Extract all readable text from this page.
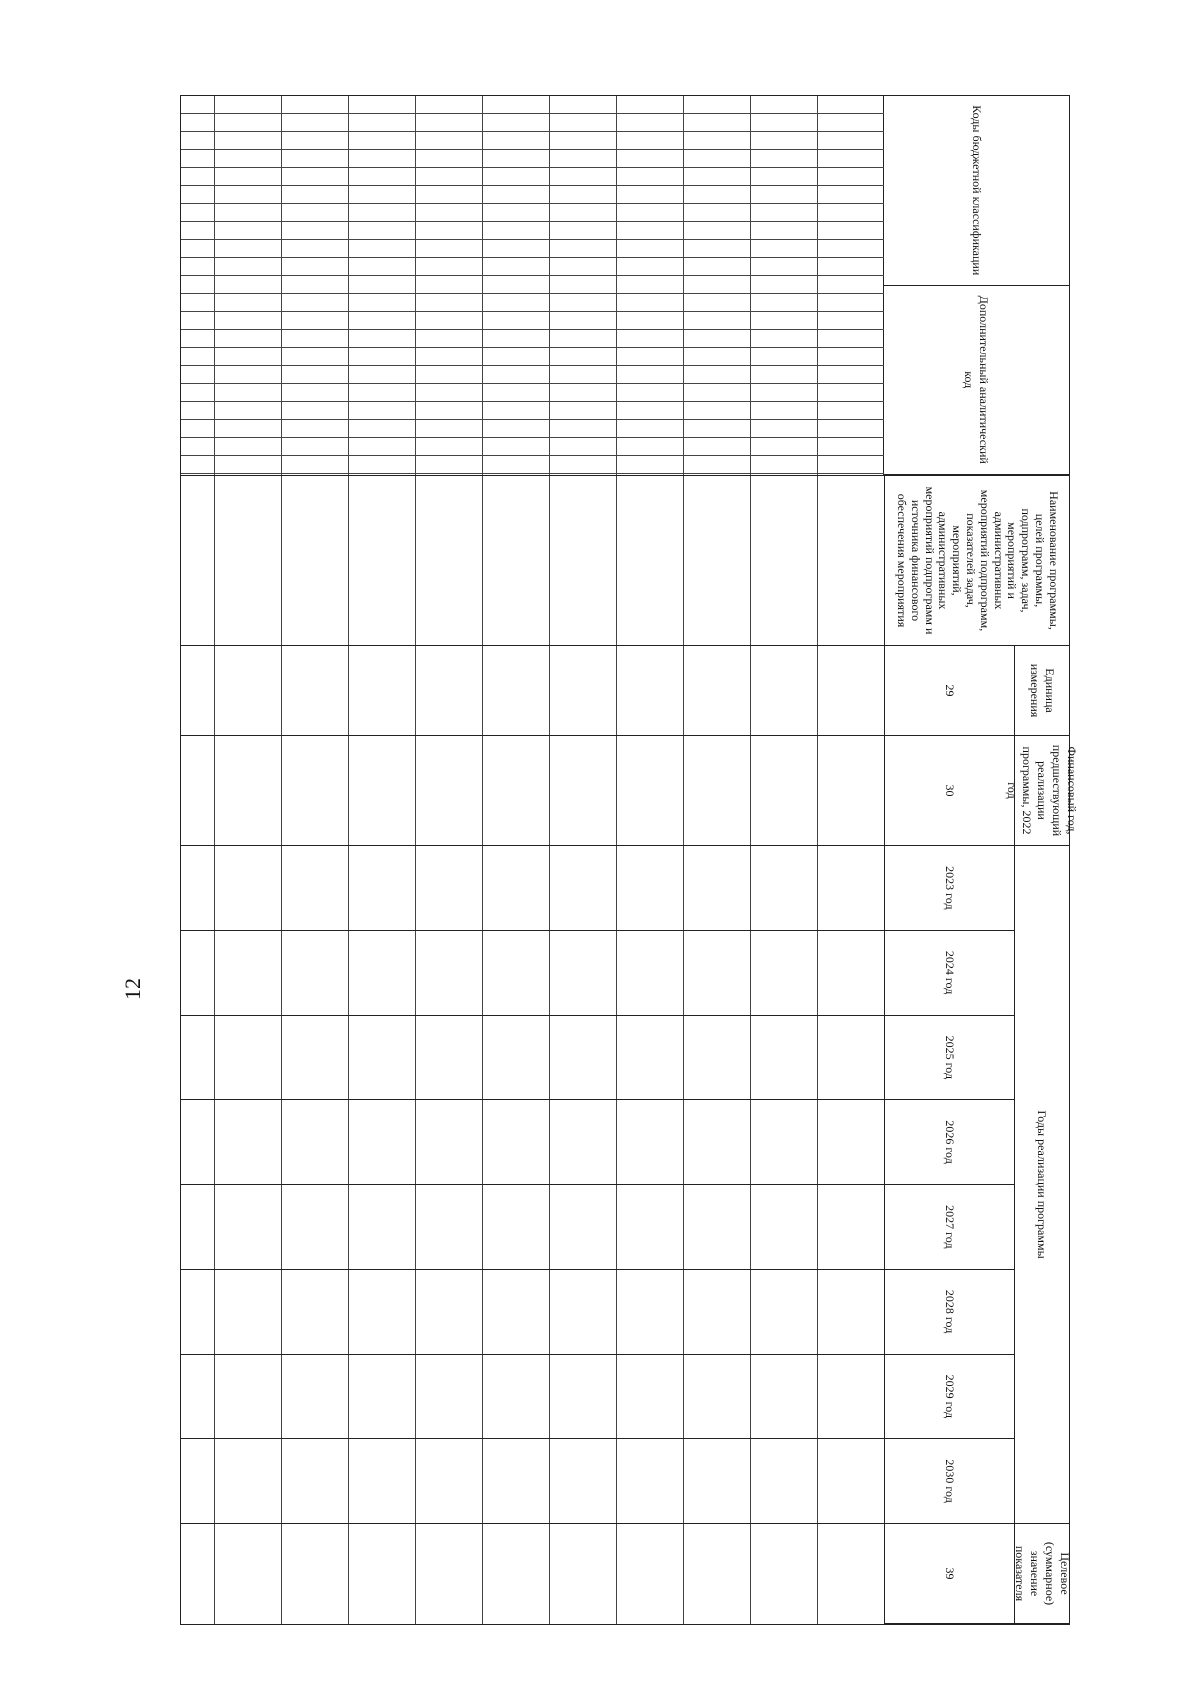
12
Коды бюджетной классификации
Дополнительный аналитический код
Наименование программы, целей программы, подпрограмм, задач, мероприятий и административных мероприятий подпрограмм, показателей задач, мероприятий, административных мероприятий подпрограмм и источника финансового обеспечения мероприятия
Единица измерения
Финансовый год, предшествующий реализации программы, 2022 год
Годы реализации программы
Целевое (суммарное) значение показателя
29
30
2023 год
2024 год
2025 год
2026 год
2027 год
2028 год
2029 год
2030 год
39
